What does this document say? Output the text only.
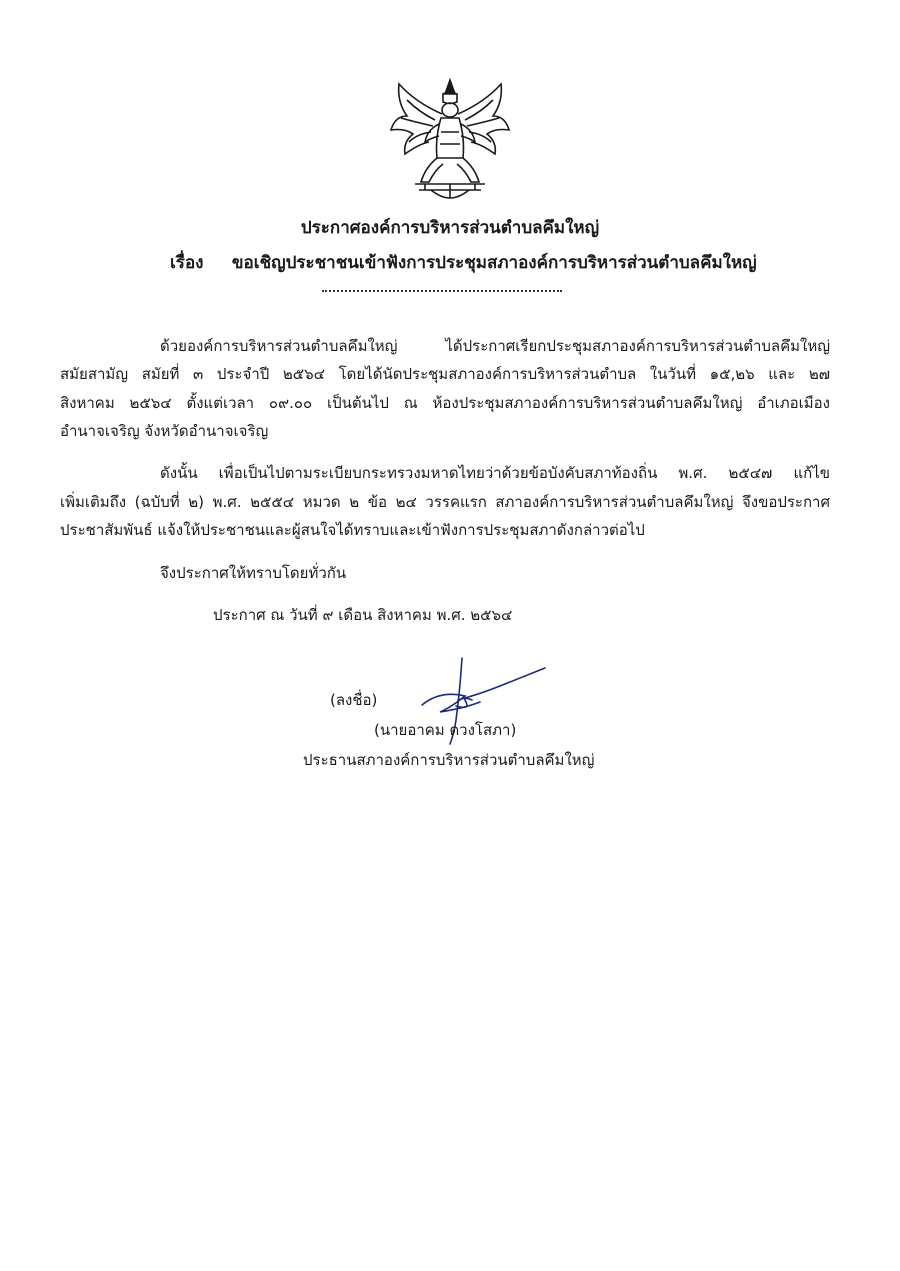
ประกาศองค์การบริหารส่วนตำบลคึมใหญ่
เรื่อง ขอเชิญประชาชนเข้าฟังการประชุมสภาองค์การบริหารส่วนตำบลคึมใหญ่
ด้วยองค์การบริหารส่วนตำบลคึมใหญ่ ได้ประกาศเรียกประชุมสภาองค์การบริหารส่วนตำบลคึมใหญ่
สมัยสามัญ สมัยที่ ๓ ประจำปี ๒๕๖๔ โดยได้นัดประชุมสภาองค์การบริหารส่วนตำบล ในวันที่ ๑๕,๒๖ และ ๒๗
สิงหาคม ๒๕๖๔ ตั้งแต่เวลา ๐๙.๐๐ เป็นต้นไป ณ ห้องประชุมสภาองค์การบริหารส่วนตำบลคึมใหญ่ อำเภอเมือง
อำนาจเจริญ จังหวัดอำนาจเจริญ
ดังนั้น เพื่อเป็นไปตามระเบียบกระทรวงมหาดไทยว่าด้วยข้อบังคับสภาท้องถิ่น พ.ศ. ๒๕๔๗ แก้ไข
เพิ่มเติมถึง (ฉบับที่ ๒) พ.ศ. ๒๕๕๔ หมวด ๒ ข้อ ๒๔ วรรคแรก สภาองค์การบริหารส่วนตำบลคึมใหญ่ จึงขอประกาศ
ประชาสัมพันธ์ แจ้งให้ประชาชนและผู้สนใจได้ทราบและเข้าฟังการประชุมสภาดังกล่าวต่อไป
จึงประกาศให้ทราบโดยทั่วกัน
ประกาศ ณ วันที่ ๙ เดือน สิงหาคม พ.ศ. ๒๕๖๔
(ลงชื่อ)
(นายอาคม ดวงโสภา)
ประธานสภาองค์การบริหารส่วนตำบลคึมใหญ่
